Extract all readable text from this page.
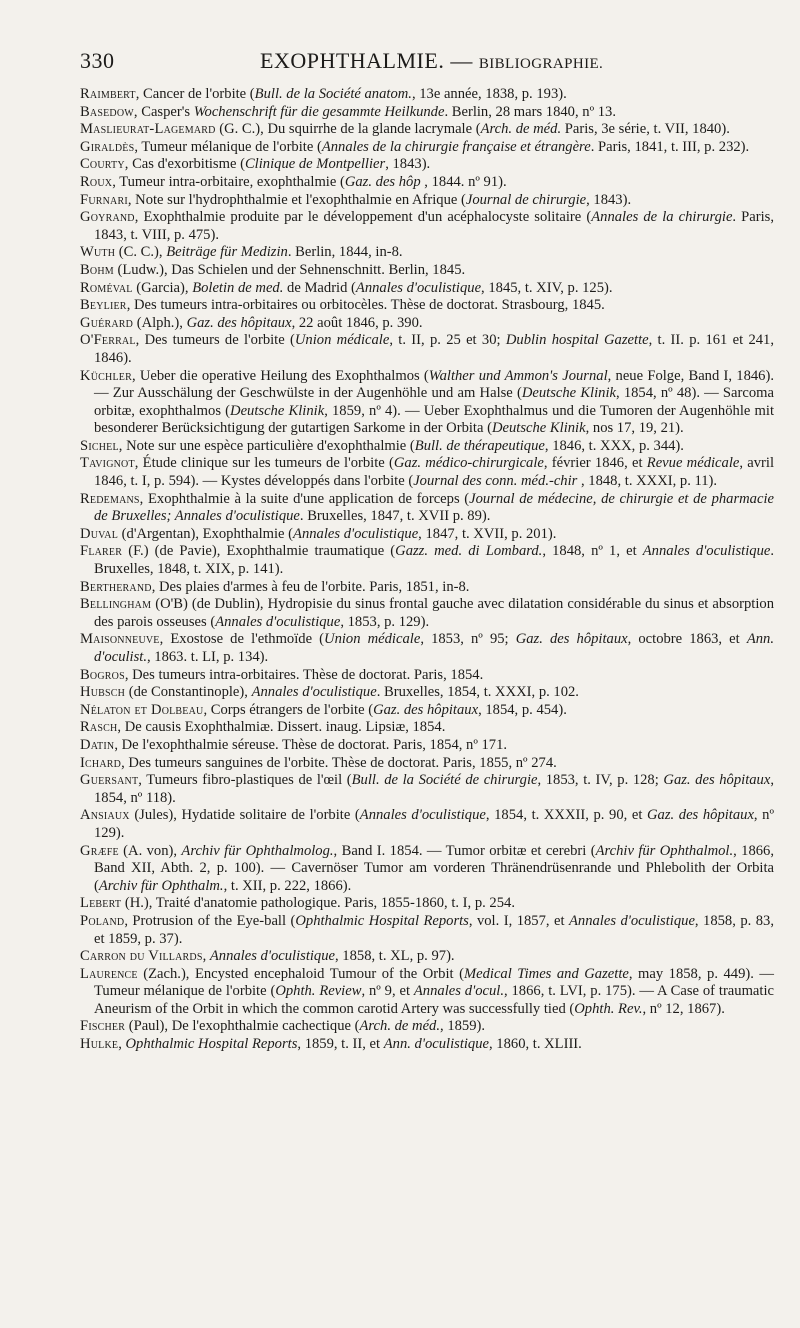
330	EXOPHTHALMIE. — BIBLIOGRAPHIE.

Raimbert, Cancer de l'orbite (Bull. de la Société anatom., 13e année, 1838, p. 193).

Basedow, Casper's Wochenschrift für die gesammte Heilkunde. Berlin, 28 mars 1840, nº 13.

Maslieurat-Lagemard (G. C.), Du squirrhe de la glande lacrymale (Arch. de méd. Paris, 3e série, t. VII, 1840).

Giraldès, Tumeur mélanique de l'orbite (Annales de la chirurgie française et étrangère. Paris, 1841, t. III, p. 232).

Courty, Cas d'exorbitisme (Clinique de Montpellier, 1843).

Roux, Tumeur intra-orbitaire, exophthalmie (Gaz. des hôp , 1844. nº 91).

Furnari, Note sur l'hydrophthalmie et l'exophthalmie en Afrique (Journal de chirurgie, 1843).

Goyrand, Exophthalmie produite par le développement d'un acéphalocyste solitaire (Annales de la chirurgie. Paris, 1843, t. VIII, p. 475).

Wuth (C. C.), Beiträge für Medizin. Berlin, 1844, in-8.

Bohm (Ludw.), Das Schielen und der Sehnenschnitt. Berlin, 1845.

Roméval (Garcia), Boletin de med. de Madrid (Annales d'oculistique, 1845, t. XIV, p. 125).

Beylier, Des tumeurs intra-orbitaires ou orbitocèles. Thèse de doctorat. Strasbourg, 1845.

Guérard (Alph.), Gaz. des hôpitaux, 22 août 1846, p. 390.

O'Ferral, Des tumeurs de l'orbite (Union médicale, t. II, p. 25 et 30; Dublin hospital Gazette, t. II. p. 161 et 241, 1846).

Küchler, Ueber die operative Heilung des Exophthalmos (Walther und Ammon's Journal, neue Folge, Band I, 1846). — Zur Ausschälung der Geschwülste in der Augenhöhle und am Halse (Deutsche Klinik, 1854, nº 48). — Sarcoma orbitæ, exophthalmos (Deutsche Klinik, 1859, nº 4). — Ueber Exophthalmus und die Tumoren der Augenhöhle mit besonderer Berücksichtigung der gutartigen Sarkome in der Orbita (Deutsche Klinik, nos 17, 19, 21).

Sichel, Note sur une espèce particulière d'exophthalmie (Bull. de thérapeutique, 1846, t. XXX, p. 344).

Tavignot, Étude clinique sur les tumeurs de l'orbite (Gaz. médico-chirurgicale, février 1846, et Revue médicale, avril 1846, t. I, p. 594). — Kystes développés dans l'orbite (Journal des conn. méd.-chir , 1848, t. XXXI, p. 11).

Redemans, Exophthalmie à la suite d'une application de forceps (Journal de médecine, de chirurgie et de pharmacie de Bruxelles; Annales d'oculistique. Bruxelles, 1847, t. XVII p. 89).

Duval (d'Argentan), Exophthalmie (Annales d'oculistique, 1847, t. XVII, p. 201).

Flarer (F.) (de Pavie), Exophthalmie traumatique (Gazz. med. di Lombard., 1848, nº 1, et Annales d'oculistique. Bruxelles, 1848, t. XIX, p. 141).

Bertherand, Des plaies d'armes à feu de l'orbite. Paris, 1851, in-8.

Bellingham (O'B) (de Dublin), Hydropisie du sinus frontal gauche avec dilatation considérable du sinus et absorption des parois osseuses (Annales d'oculistique, 1853, p. 129).

Maisonneuve, Exostose de l'ethmoïde (Union médicale, 1853, nº 95; Gaz. des hôpitaux, octobre 1863, et Ann. d'oculist., 1863. t. LI, p. 134).

Bogros, Des tumeurs intra-orbitaires. Thèse de doctorat. Paris, 1854.

Hubsch (de Constantinople), Annales d'oculistique. Bruxelles, 1854, t. XXXI, p. 102.

Nélaton et Dolbeau, Corps étrangers de l'orbite (Gaz. des hôpitaux, 1854, p. 454).

Rasch, De causis Exophthalmiæ. Dissert. inaug. Lipsiæ, 1854.

Datin, De l'exophthalmie séreuse. Thèse de doctorat. Paris, 1854, nº 171.

Ichard, Des tumeurs sanguines de l'orbite. Thèse de doctorat. Paris, 1855, nº 274.

Guersant, Tumeurs fibro-plastiques de l'œil (Bull. de la Société de chirurgie, 1853, t. IV, p. 128; Gaz. des hôpitaux, 1854, nº 118).

Ansiaux (Jules), Hydatide solitaire de l'orbite (Annales d'oculistique, 1854, t. XXXII, p. 90, et Gaz. des hôpitaux, nº 129).

Græfe (A. von), Archiv für Ophthalmolog., Band I. 1854. — Tumor orbitæ et cerebri (Archiv für Ophthalmol., 1866, Band XII, Abth. 2, p. 100). — Cavernöser Tumor am vorderen Thränendrüsenrande und Phlebolith der Orbita (Archiv für Ophthalm., t. XII, p. 222, 1866).

Lebert (H.), Traité d'anatomie pathologique. Paris, 1855-1860, t. I, p. 254.

Poland, Protrusion of the Eye-ball (Ophthalmic Hospital Reports, vol. I, 1857, et Annales d'oculistique, 1858, p. 83, et 1859, p. 37).

Carron du Villards, Annales d'oculistique, 1858, t. XL, p. 97).

Laurence (Zach.), Encysted encephaloid Tumour of the Orbit (Medical Times and Gazette, may 1858, p. 449). — Tumeur mélanique de l'orbite (Ophth. Review, nº 9, et Annales d'ocul., 1866, t. LVI, p. 175). — A Case of traumatic Aneurism of the Orbit in which the common carotid Artery was successfully tied (Ophth. Rev., nº 12, 1867).

Fischer (Paul), De l'exophthalmie cachectique (Arch. de méd., 1859).

Hulke, Ophthalmic Hospital Reports, 1859, t. II, et Ann. d'oculistique, 1860, t. XLIII.
